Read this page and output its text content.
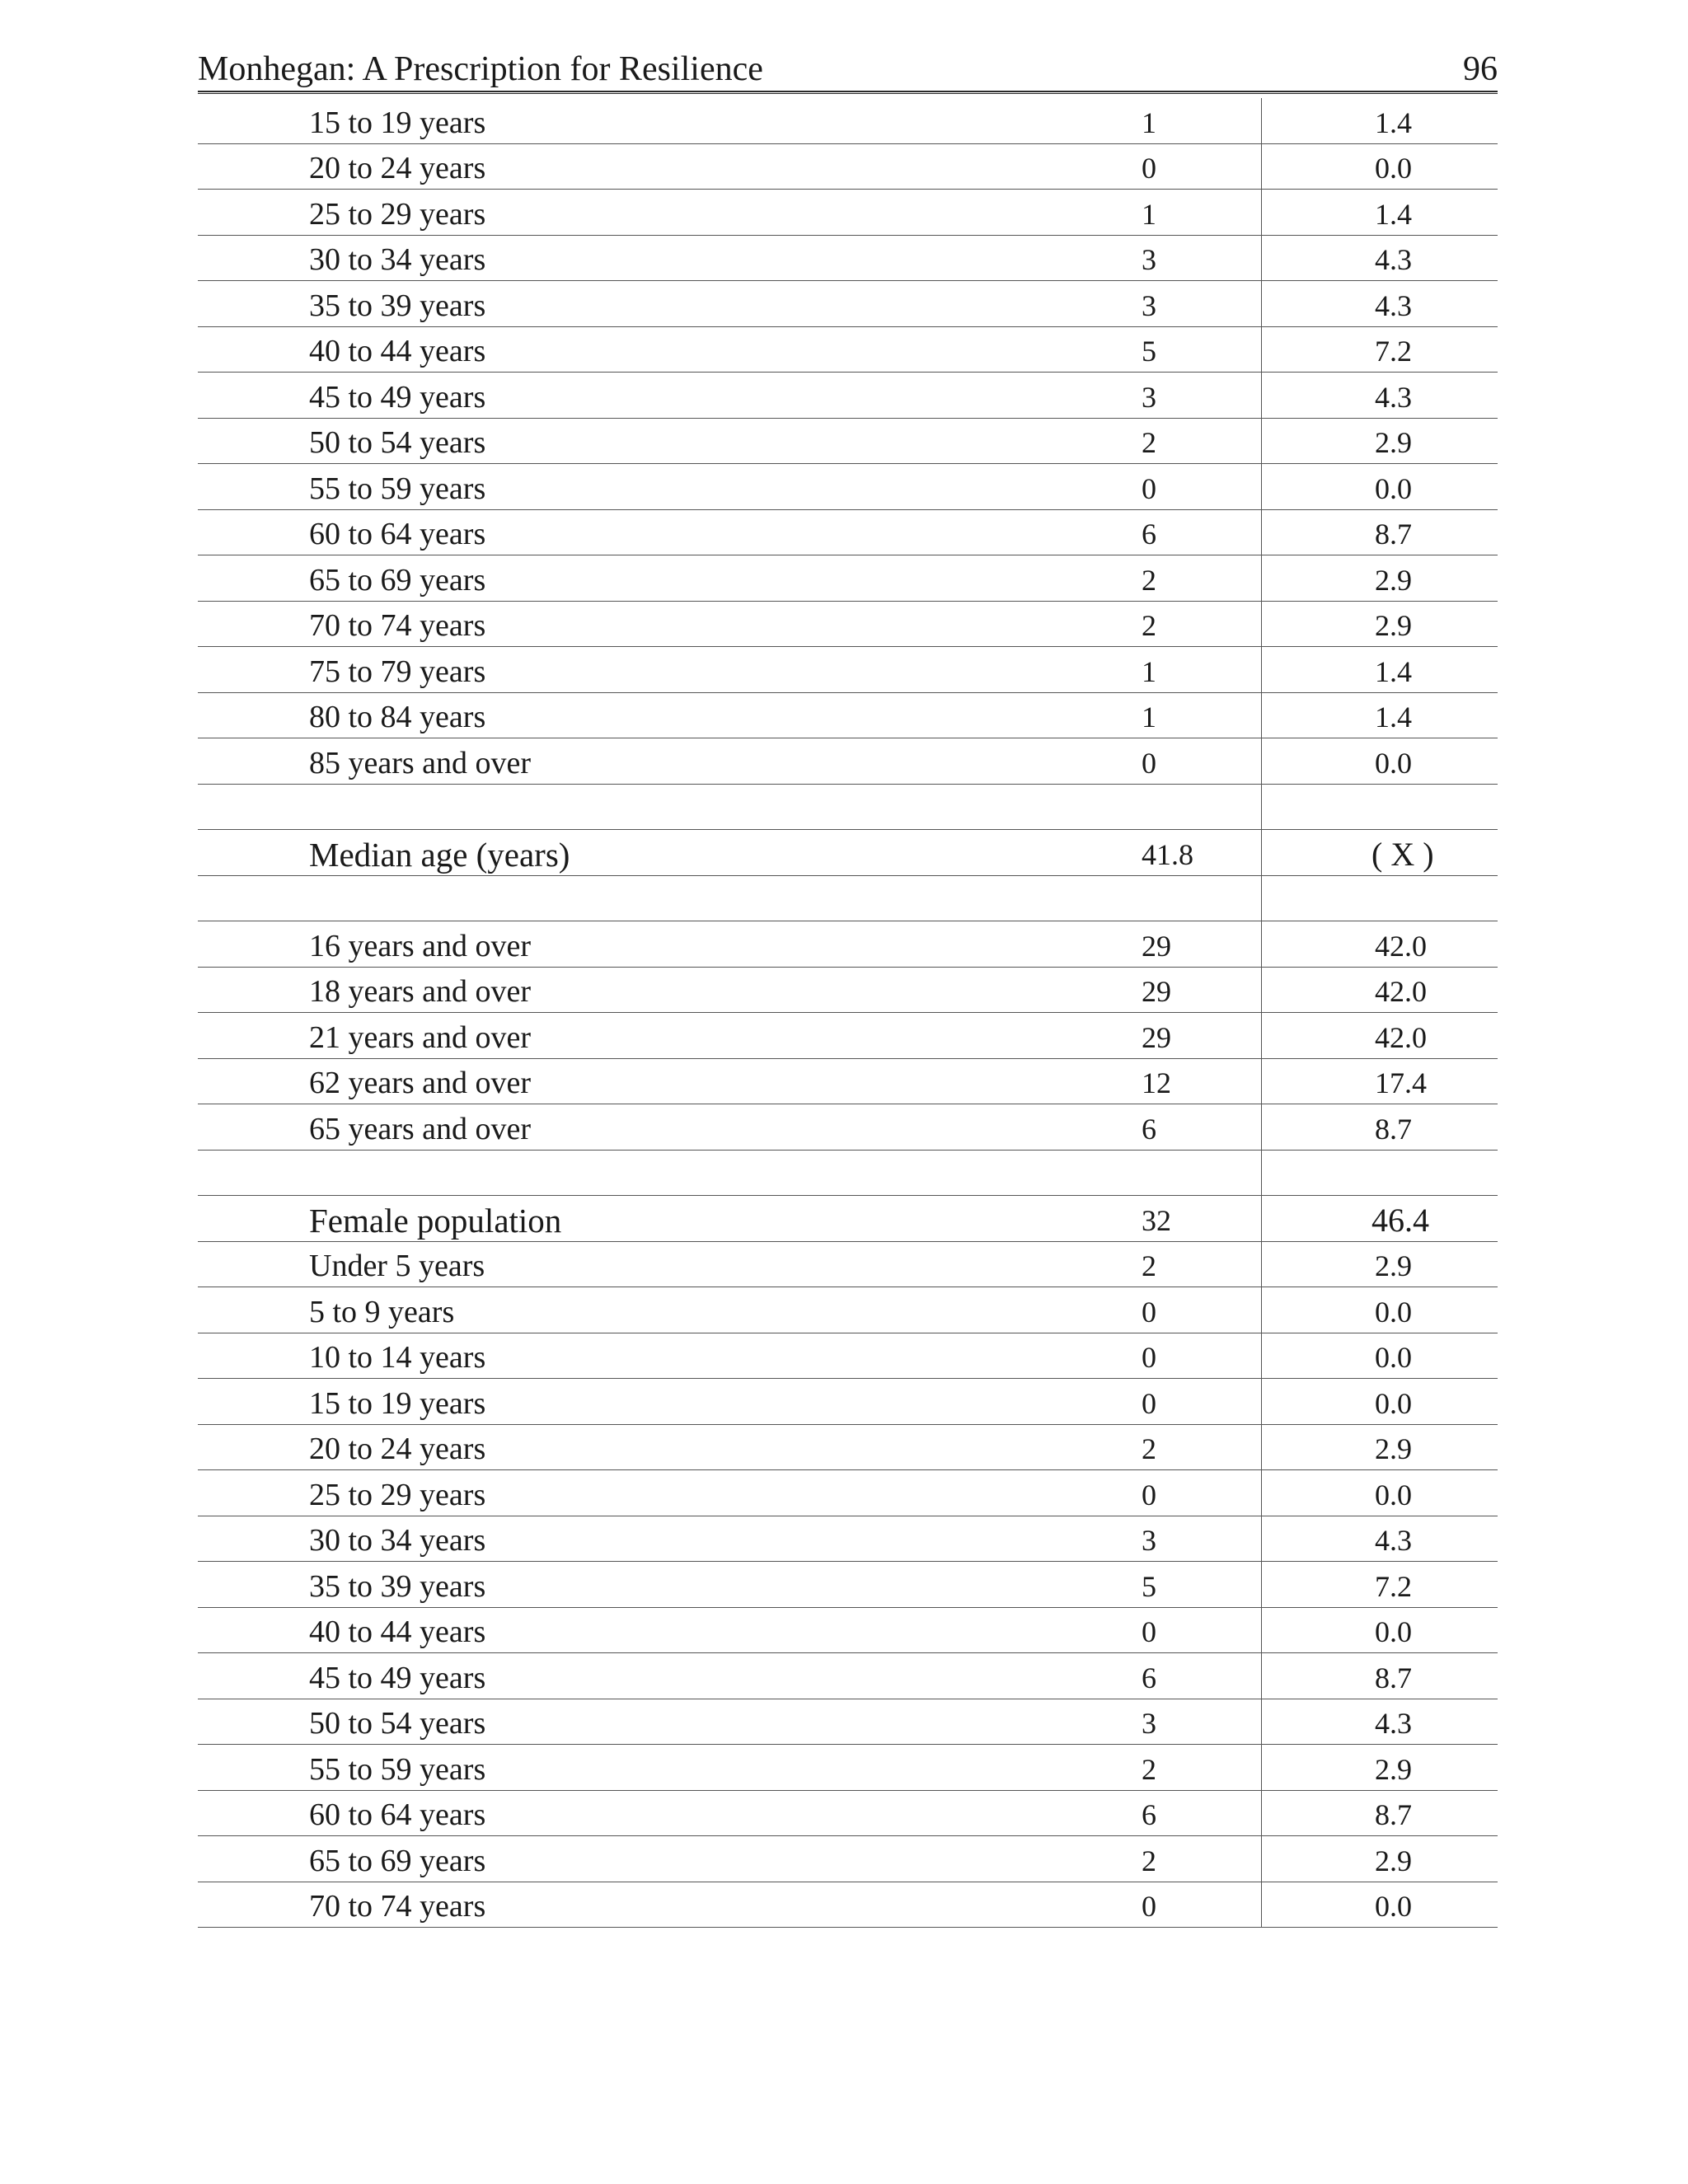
Monhegan: A Prescription for Resilience	96
15 to 19 years	1	1.4
20 to 24 years	0	0.0
25 to 29 years	1	1.4
30 to 34 years	3	4.3
35 to 39 years	3	4.3
40 to 44 years	5	7.2
45 to 49 years	3	4.3
50 to 54 years	2	2.9
55 to 59 years	0	0.0
60 to 64 years	6	8.7
65 to 69 years	2	2.9
70 to 74 years	2	2.9
75 to 79 years	1	1.4
80 to 84 years	1	1.4
85 years and over	0	0.0
Median age (years)	41.8	( X )
16 years and over	29	42.0
18 years and over	29	42.0
21 years and over	29	42.0
62 years and over	12	17.4
65 years and over	6	8.7
Female population	32	46.4
Under 5 years	2	2.9
5 to 9 years	0	0.0
10 to 14 years	0	0.0
15 to 19 years	0	0.0
20 to 24 years	2	2.9
25 to 29 years	0	0.0
30 to 34 years	3	4.3
35 to 39 years	5	7.2
40 to 44 years	0	0.0
45 to 49 years	6	8.7
50 to 54 years	3	4.3
55 to 59 years	2	2.9
60 to 64 years	6	8.7
65 to 69 years	2	2.9
70 to 74 years	0	0.0
